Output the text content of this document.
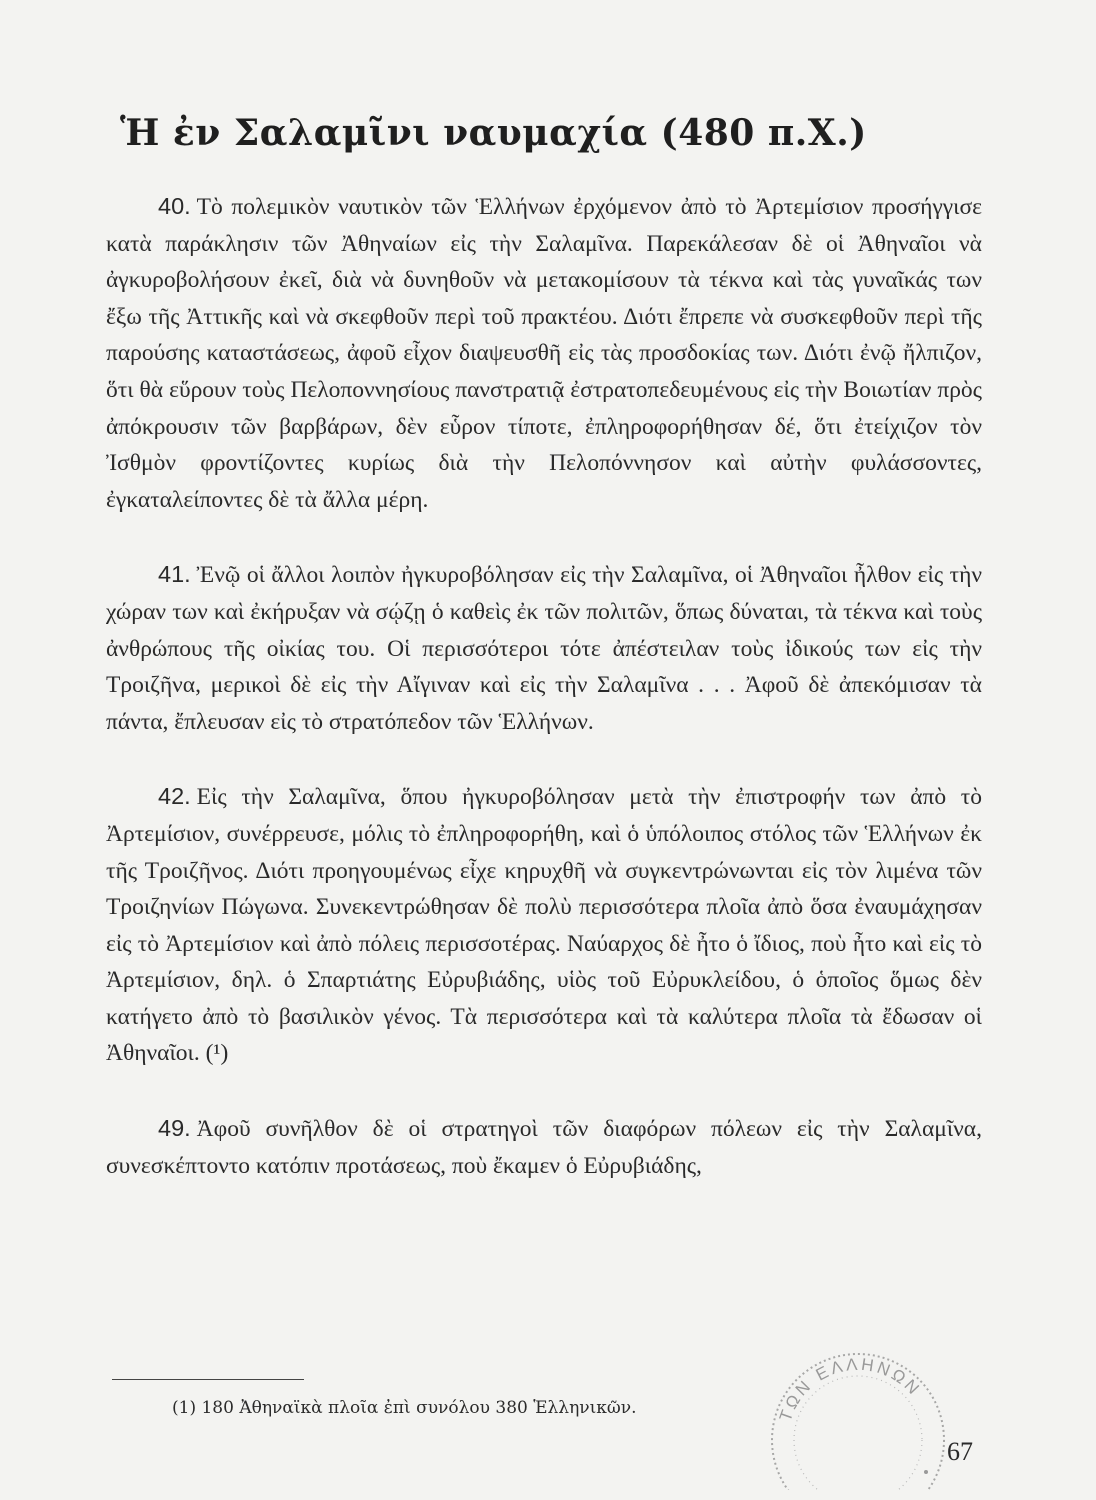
Ἡ ἐν Σαλαμῖνι ναυμαχία (480 π.Χ.)

40. Τὸ πολεμικὸν ναυτικὸν τῶν Ἑλλήνων ἐρχόμενον ἀπὸ τὸ Ἀρτεμίσιον προσήγγισε κατὰ παράκλησιν τῶν Ἀθηναίων εἰς τὴν Σαλαμῖνα. Παρεκάλεσαν δὲ οἱ Ἀθηναῖοι νὰ ἀγκυροβολήσουν ἐκεῖ, διὰ νὰ δυνηθοῦν νὰ μετακομίσουν τὰ τέκνα καὶ τὰς γυναῖκάς των ἔξω τῆς Ἀττικῆς καὶ νὰ σκεφθοῦν περὶ τοῦ πρακτέου. Διότι ἔπρεπε νὰ συσκεφθοῦν περὶ τῆς παρούσης καταστάσεως, ἀφοῦ εἶχον διαψευσθῆ εἰς τὰς προσδοκίας των. Διότι ἐνῷ ἤλπιζον, ὅτι θὰ εὕρουν τοὺς Πελοποννησίους πανστρατιᾷ ἐστρατοπεδευμένους εἰς τὴν Βοιωτίαν πρὸς ἀπόκρουσιν τῶν βαρβάρων, δὲν εὗρον τίποτε, ἐπληροφορήθησαν δέ, ὅτι ἐτείχιζον τὸν Ἰσθμὸν φροντίζοντες κυρίως διὰ τὴν Πελοπόννησον καὶ αὐτὴν φυλάσσοντες, ἐγκαταλείποντες δὲ τὰ ἄλλα μέρη.

41. Ἐνῷ οἱ ἄλλοι λοιπὸν ἠγκυροβόλησαν εἰς τὴν Σαλαμῖνα, οἱ Ἀθηναῖοι ἦλθον εἰς τὴν χώραν των καὶ ἐκήρυξαν νὰ σῴζῃ ὁ καθεὶς ἐκ τῶν πολιτῶν, ὅπως δύναται, τὰ τέκνα καὶ τοὺς ἀνθρώπους τῆς οἰκίας του. Οἱ περισσότεροι τότε ἀπέστειλαν τοὺς ἰδικούς των εἰς τὴν Τροιζῆνα, μερικοὶ δὲ εἰς τὴν Αἴγιναν καὶ εἰς τὴν Σαλαμῖνα . . . Ἀφοῦ δὲ ἀπεκόμισαν τὰ πάντα, ἔπλευσαν εἰς τὸ στρατόπεδον τῶν Ἑλλήνων.

42. Εἰς τὴν Σαλαμῖνα, ὅπου ἠγκυροβόλησαν μετὰ τὴν ἐπιστροφήν των ἀπὸ τὸ Ἀρτεμίσιον, συνέρρευσε, μόλις τὸ ἐπληροφορήθη, καὶ ὁ ὑπόλοιπος στόλος τῶν Ἑλλήνων ἐκ τῆς Τροιζῆνος. Διότι προηγουμένως εἶχε κηρυχθῆ νὰ συγκεντρώνωνται εἰς τὸν λιμένα τῶν Τροιζηνίων Πώγωνα. Συνεκεντρώθησαν δὲ πολὺ περισσότερα πλοῖα ἀπὸ ὅσα ἐναυμάχησαν εἰς τὸ Ἀρτεμίσιον καὶ ἀπὸ πόλεις περισσοτέρας. Ναύαρχος δὲ ἦτο ὁ ἴδιος, ποὺ ἦτο καὶ εἰς τὸ Ἀρτεμίσιον, δηλ. ὁ Σπαρτιάτης Εὐρυβιάδης, υἱὸς τοῦ Εὐρυκλείδου, ὁ ὁποῖος ὅμως δὲν κατήγετο ἀπὸ τὸ βασιλικὸν γένος. Τὰ περισσότερα καὶ τὰ καλύτερα πλοῖα τὰ ἔδωσαν οἱ Ἀθηναῖοι. (¹)

49. Ἀφοῦ συνῆλθον δὲ οἱ στρατηγοὶ τῶν διαφόρων πόλεων εἰς τὴν Σαλαμῖνα, συνεσκέπτοντο κατόπιν προτάσεως, ποὺ ἔκαμεν ὁ Εὐρυβιάδης,

(1) 180 Ἀθηναϊκὰ πλοῖα ἐπὶ συνόλου 380 Ἑλληνικῶν.	ΤΩΝ ΕΛΛΗΝΩΝ

67
